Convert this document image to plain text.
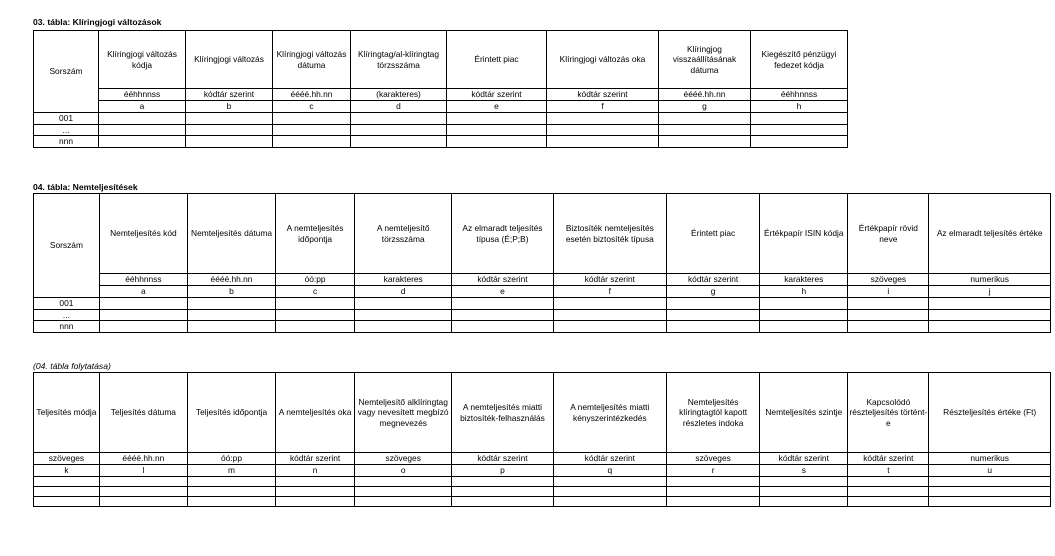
03. tábla: Klíringjogi változások
Sorszám	Klíringjogi változás kódja	Klíringjogi változás	Klíringjogi változás dátuma	Klíringtag/al-klíringtag törzsszáma	Érintett piac	Klíringjogi változás oka	Klíringjog visszaállításának dátuma	Kiegészítő pénzügyi fedezet kódja
	ééhhnnss	kódtár szerint	éééé.hh.nn	(karakteres)	kódtár szerint	kódtár szerint	éééé.hh.nn	ééhhnnss
	a	b	c	d	e	f	g	h
001								
...								
nnn								
04. tábla: Nemteljesítések
Sorszám	Nemteljesítés kód	Nemteljesítés dátuma	A nemteljesítés időpontja	A nemteljesítő törzsszáma	Az elmaradt teljesítés típusa (É;P;B)	Biztosíték nemteljesítés esetén biztosíték típusa	Érintett piac	Értékpapír ISIN kódja	Értékpapír rövid neve	Az elmaradt teljesítés értéke
	ééhhnnss	éééé.hh.nn	óó:pp	karakteres	kódtár szerint	kódtár szerint	kódtár szerint	karakteres	szöveges	numerikus
	a	b	c	d	e	f	g	h	i	j
001										
...										
nnn										
(04. tábla folytatása)
Teljesítés módja	Teljesítés dátuma	Teljesítés időpontja	A nemteljesítés oka	Nemteljesítő alklíringtag vagy nevesített megbízó megnevezés	A nemteljesítés miatti biztosíték-felhasználás	A nemteljesítés miatti kényszerintézkedés	Nemteljesítés klíringtagtól kapott részletes indoka	Nemteljesítés szintje	Kapcsolódó részteljesítés történt-e	Részteljesítés értéke (Ft)
szöveges	éééé.hh.nn	óó:pp	kódtár szerint	szöveges	kódtár szerint	kódtár szerint	szöveges	kódtár szerint	kódtár szerint	numerikus
k	l	m	n	o	p	q	r	s	t	u
